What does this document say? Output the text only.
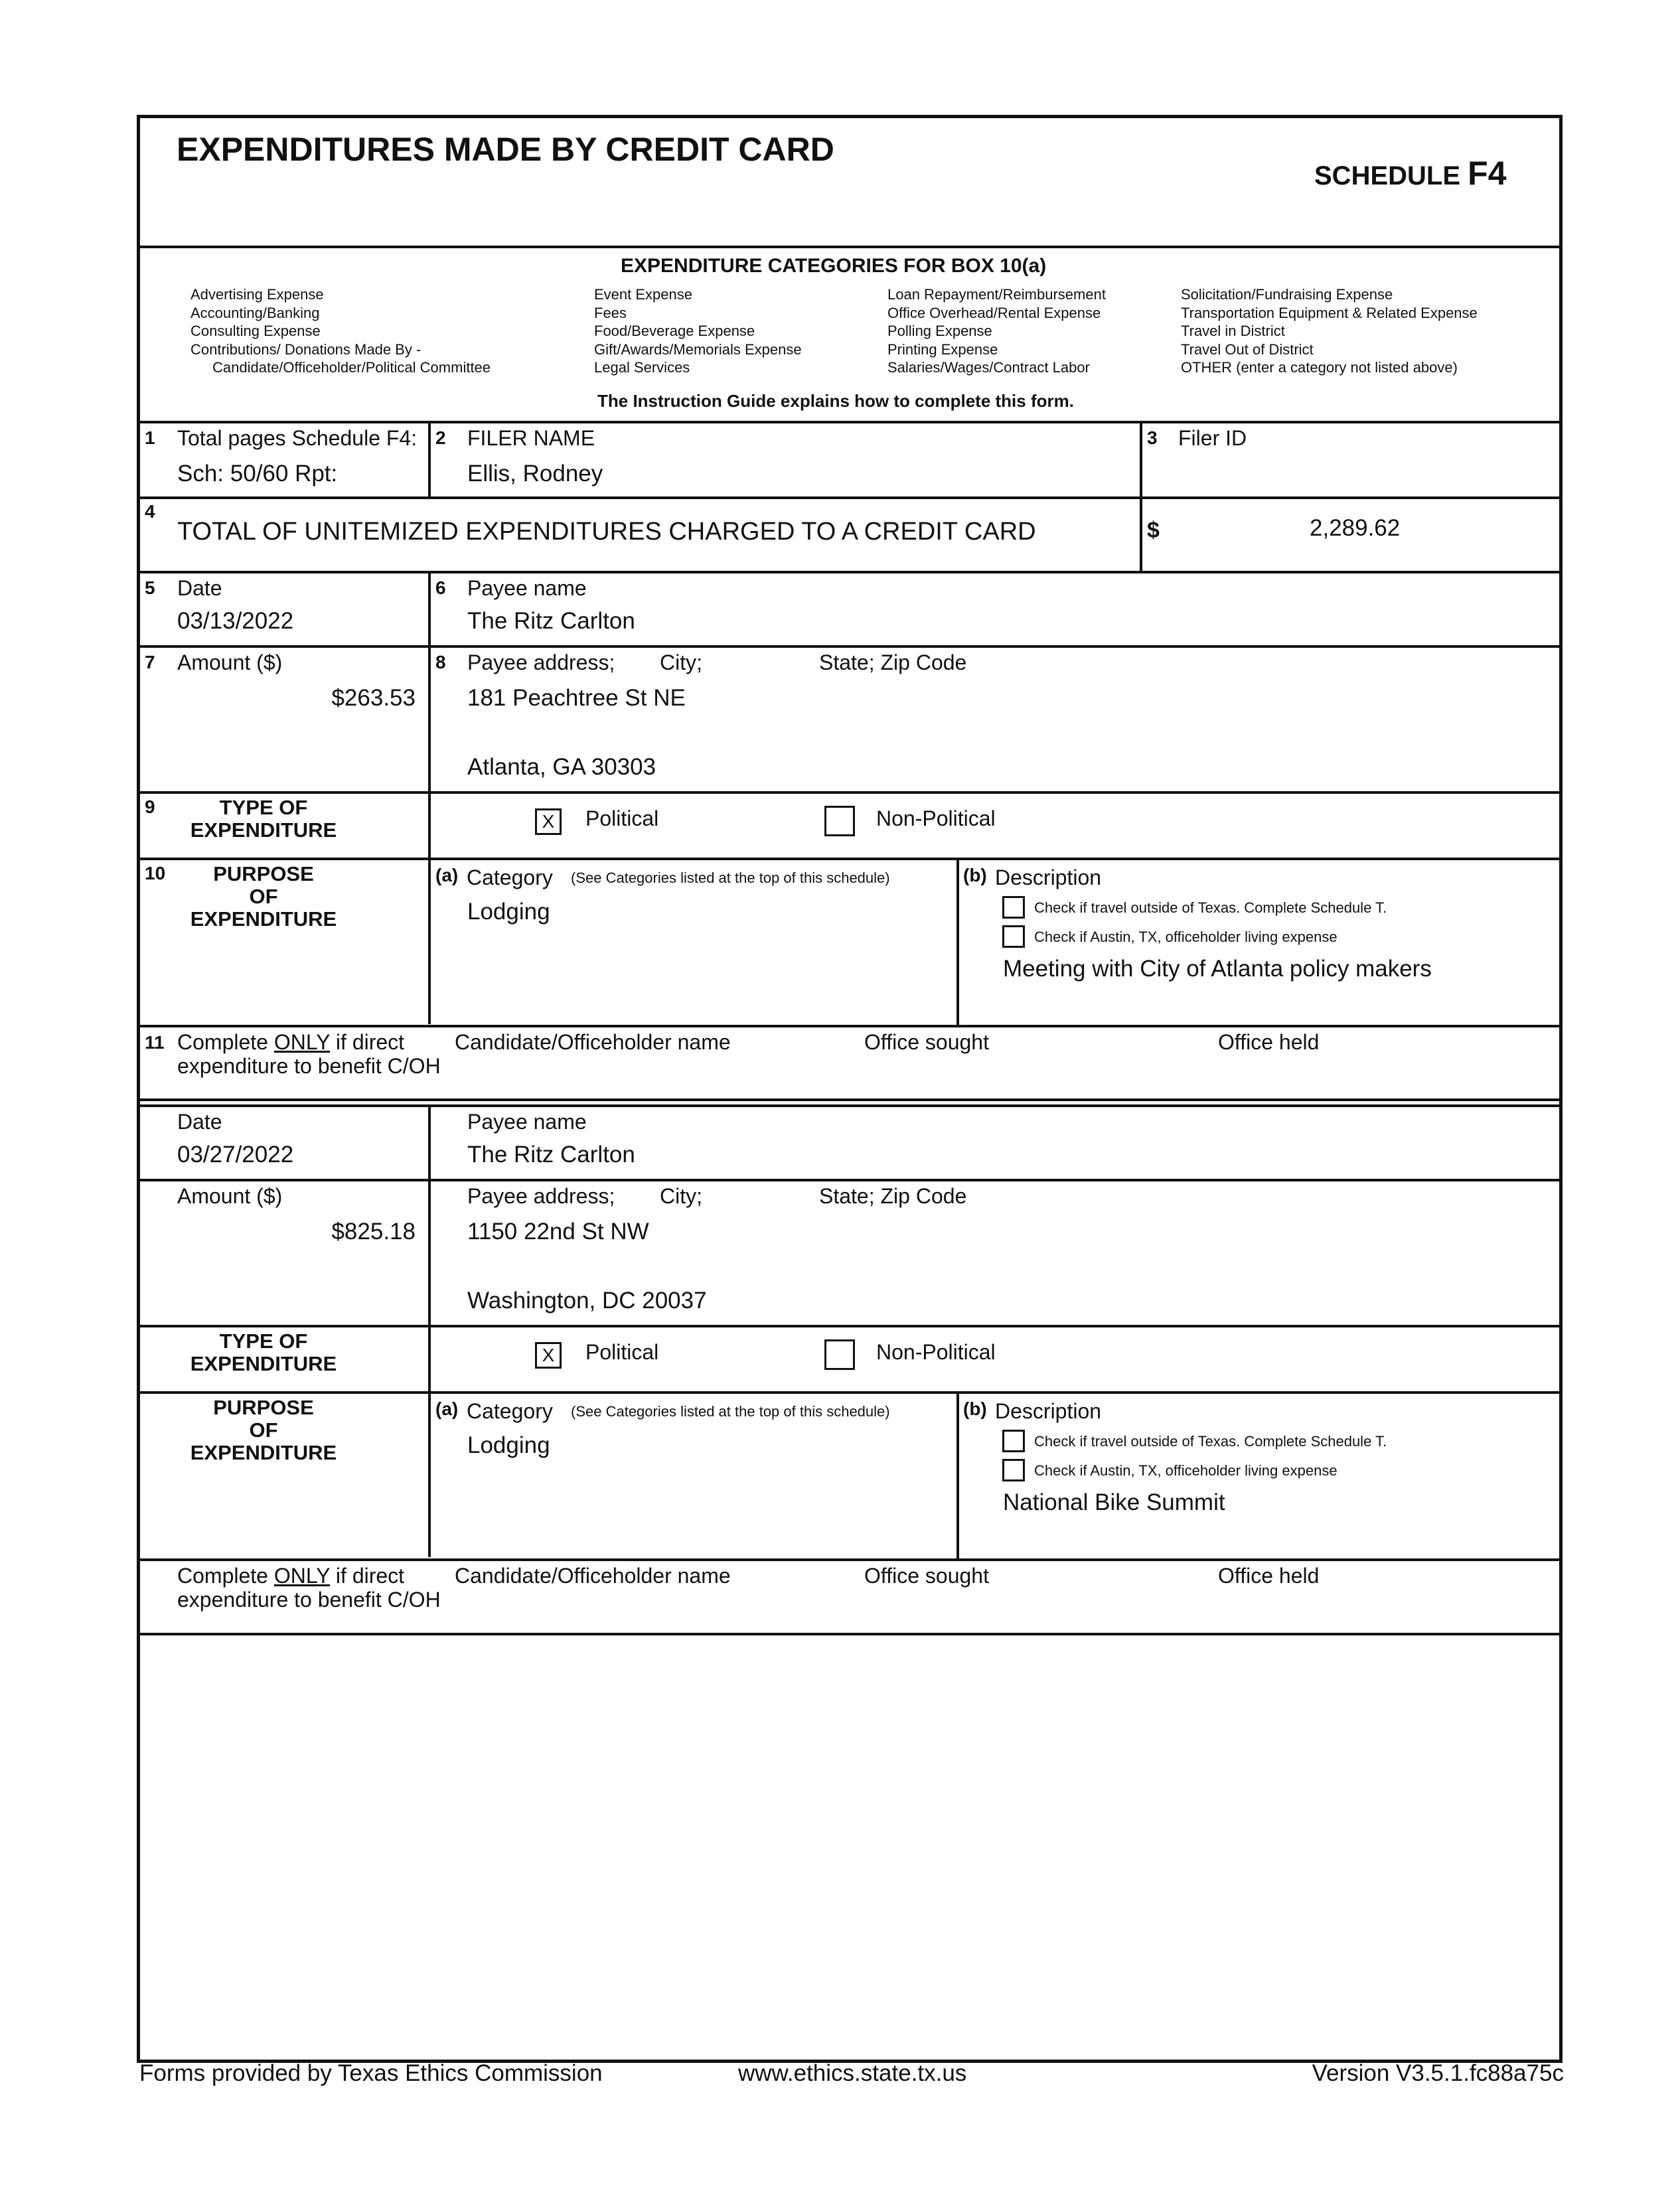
EXPENDITURES MADE BY CREDIT CARD
SCHEDULE F4
EXPENDITURE CATEGORIES FOR BOX 10(a)
Advertising Expense
Accounting/Banking
Consulting Expense
Contributions/ Donations Made By -
Candidate/Officeholder/Political Committee
Event Expense
Fees
Food/Beverage Expense
Gift/Awards/Memorials Expense
Legal Services
Loan Repayment/Reimbursement
Office Overhead/Rental Expense
Polling Expense
Printing Expense
Salaries/Wages/Contract Labor
Solicitation/Fundraising Expense
Transportation Equipment & Related Expense
Travel in District
Travel Out of District
OTHER (enter a category not listed above)
The Instruction Guide explains how to complete this form.
1 Total pages Schedule F4:
Sch: 50/60 Rpt:
2 FILER NAME
Ellis, Rodney
3 Filer ID
4
TOTAL OF UNITEMIZED EXPENDITURES CHARGED TO A CREDIT CARD	$	2,289.62
5 Date
03/13/2022
6 Payee name
The Ritz Carlton
7 Amount ($)
$263.53
8 Payee address; City;	State; Zip Code
181 Peachtree St NE
Atlanta, GA 30303
9	TYPE OF
EXPENDITURE	X	Political	Non-Political
10	PURPOSE
OF
EXPENDITURE
(a) Category (See Categories listed at the top of this schedule)
Lodging
(b) Description
Check if travel outside of Texas. Complete Schedule T.
Check if Austin, TX, officeholder living expense
Meeting with City of Atlanta policy makers
11 Complete ONLY if direct
expenditure to benefit C/OH
Candidate/Officeholder name	Office sought	Office held
Date
03/27/2022
Payee name
The Ritz Carlton
Amount ($)
$825.18
Payee address; City;	State; Zip Code
1150 22nd St NW
Washington, DC 20037
TYPE OF
EXPENDITURE	X	Political	Non-Political
PURPOSE
OF
EXPENDITURE
(a) Category (See Categories listed at the top of this schedule)
Lodging
(b) Description
Check if travel outside of Texas. Complete Schedule T.
Check if Austin, TX, officeholder living expense
National Bike Summit
Complete ONLY if direct
expenditure to benefit C/OH
Candidate/Officeholder name	Office sought	Office held
Forms provided by Texas Ethics Commission	www.ethics.state.tx.us	Version V3.5.1.fc88a75c
